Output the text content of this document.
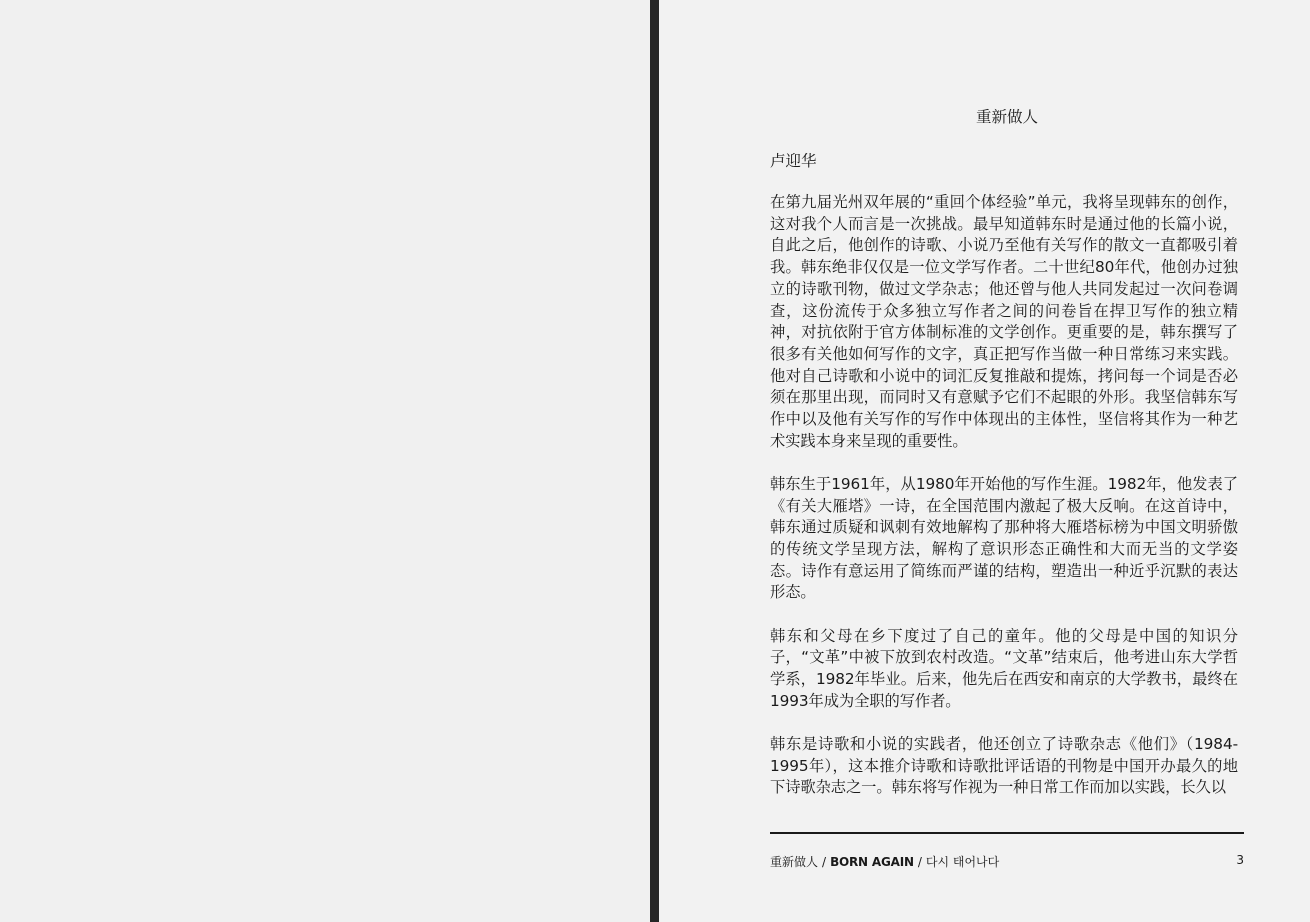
重新做人
卢迎华

在第九届光州双年展的“重回个体经验”单元，我将呈现韩东的创作，这对我个人而言是一次挑战。最早知道韩东时是通过他的长篇小说，自此之后，他创作的诗歌、小说乃至他有关写作的散文一直都吸引着我。韩东绝非仅仅是一位文学写作者。二十世纪80年代，他创办过独立的诗歌刊物，做过文学杂志；他还曾与他人共同发起过一次问卷调查，这份流传于众多独立写作者之间的问卷旨在捍卫写作的独立精神，对抗依附于官方体制标准的文学创作。更重要的是，韩东撰写了很多有关他如何写作的文字，真正把写作当做一种日常练习来实践。他对自己诗歌和小说中的词汇反复推敲和提炼，拷问每一个词是否必须在那里出现，而同时又有意赋予它们不起眼的外形。我坚信韩东写作中以及他有关写作的写作中体现出的主体性，坚信将其作为一种艺术实践本身来呈现的重要性。

韩东生于1961年，从1980年开始他的写作生涯。1982年，他发表了《有关大雁塔》一诗，在全国范围内激起了极大反响。在这首诗中，韩东通过质疑和讽刺有效地解构了那种将大雁塔标榜为中国文明骄傲的传统文学呈现方法，解构了意识形态正确性和大而无当的文学姿态。诗作有意运用了简练而严谨的结构，塑造出一种近乎沉默的表达形态。

韩东和父母在乡下度过了自己的童年。他的父母是中国的知识分子，“文革”中被下放到农村改造。“文革”结束后，他考进山东大学哲学系，1982年毕业。后来，他先后在西安和南京的大学教书，最终在1993年成为全职的写作者。

韩东是诗歌和小说的实践者，他还创立了诗歌杂志《他们》（1984-1995年），这本推介诗歌和诗歌批评话语的刊物是中国开办最久的地下诗歌杂志之一。韩东将写作视为一种日常工作而加以实践，长久以

重新做人 / BORN AGAIN / 다시 태어나다	3
